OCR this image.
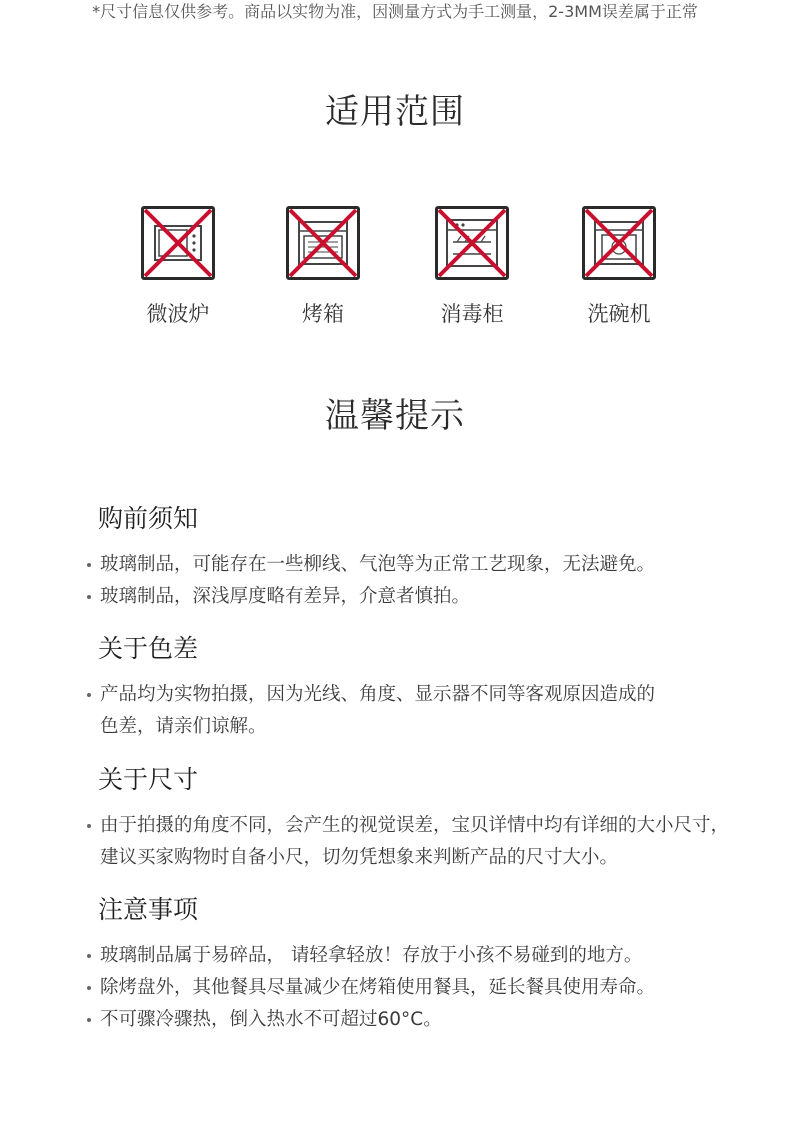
*尺寸信息仅供参考。商品以实物为准，因测量方式为手工测量，2-3MM误差属于正常
适用范围
微波炉	烤箱	消毒柜	洗碗机
温馨提示
购前须知
玻璃制品，可能存在一些柳线、气泡等为正常工艺现象，无法避免。
玻璃制品，深浅厚度略有差异，介意者慎拍。
关于色差
产品均为实物拍摄，因为光线、角度、显示器不同等客观原因造成的色差，请亲们谅解。
关于尺寸
由于拍摄的角度不同，会产生的视觉误差，宝贝详情中均有详细的大小尺寸，建议买家购物时自备小尺，切勿凭想象来判断产品的尺寸大小。
注意事项
玻璃制品属于易碎品， 请轻拿轻放！存放于小孩不易碰到的地方。
除烤盘外，其他餐具尽量减少在烤箱使用餐具，延长餐具使用寿命。
不可骤冷骤热，倒入热水不可超过60°C。
